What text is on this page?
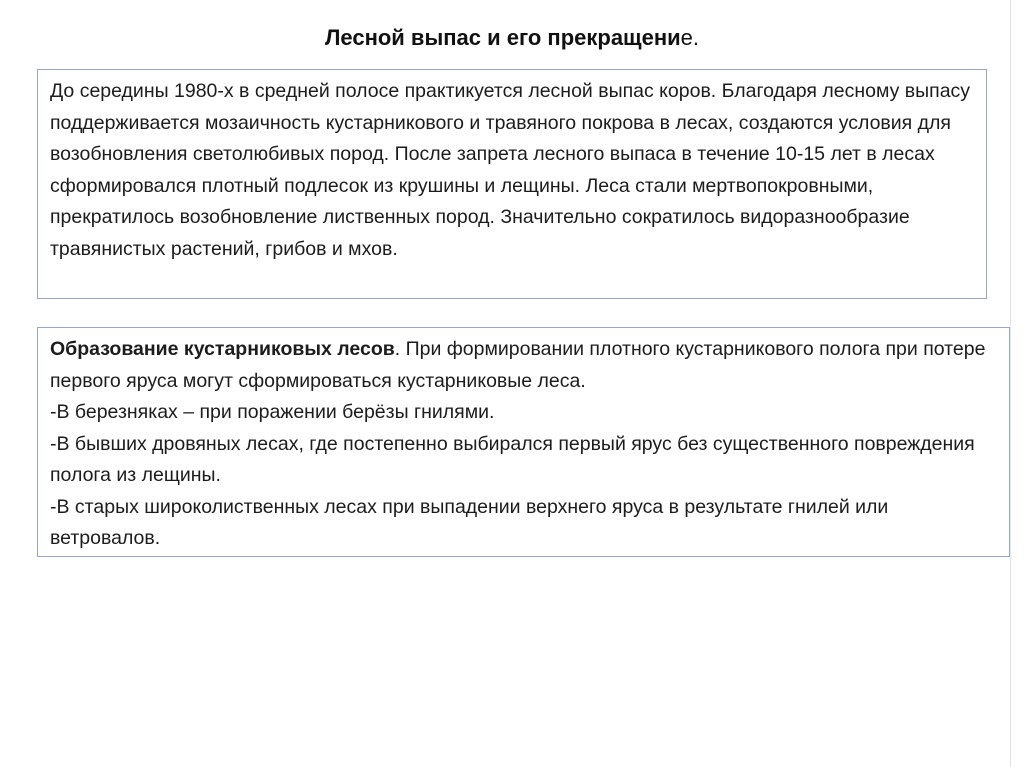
Лесной выпас и его прекращение.

До середины 1980-х в средней полосе практикуется лесной выпас коров. Благодаря лесному выпасу поддерживается мозаичность кустарникового и травяного покрова в лесах, создаются условия для возобновления светолюбивых пород. После запрета лесного выпаса в течение 10-15 лет в лесах сформировался плотный подлесок из крушины и лещины. Леса стали мертвопокровными, прекратилось возобновление лиственных пород. Значительно сократилось видоразнообразие травянистых растений, грибов и мхов.

Образование кустарниковых лесов. При формировании плотного кустарникового полога при потере первого яруса могут сформироваться кустарниковые леса.

-В березняках – при поражении берёзы гнилями.

-В бывших дровяных лесах, где постепенно выбирался первый ярус без существенного повреждения полога из лещины.

-В старых широколиственных лесах при выпадении верхнего яруса в результате гнилей или ветровалов.
